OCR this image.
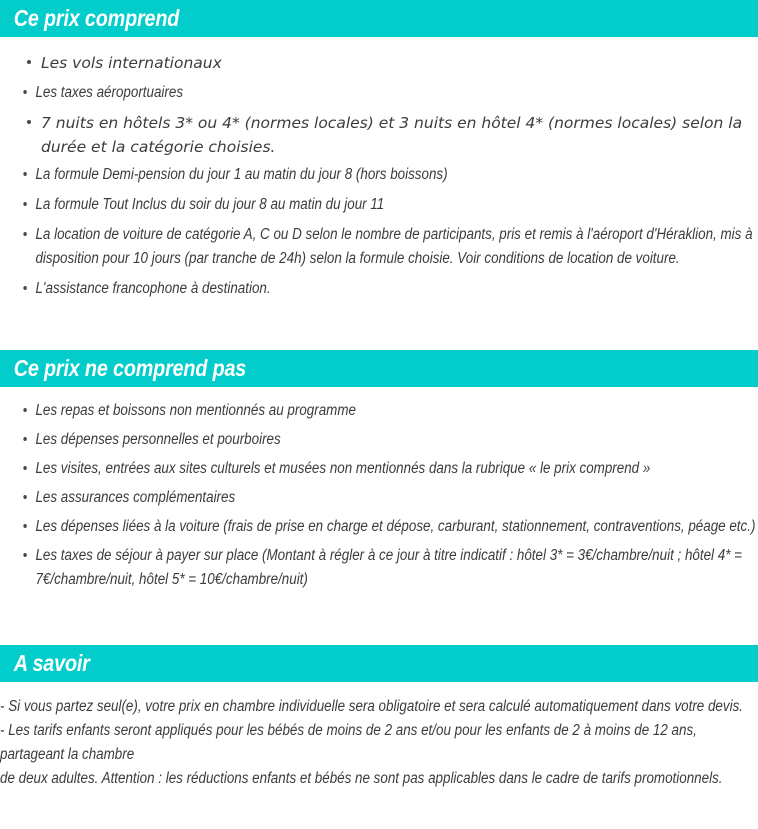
Ce prix comprend
Les vols internationaux
Les taxes aéroportuaires
7 nuits en hôtels 3* ou 4* (normes locales) et 3 nuits en hôtel 4* (normes locales) selon la durée et la catégorie choisies.
La formule Demi-pension du jour 1 au matin du jour 8 (hors boissons)
La formule Tout Inclus du soir du jour 8 au matin du jour 11
La location de voiture de catégorie A, C ou D selon le nombre de participants, pris et remis à l'aéroport d'Héraklion, mis à disposition pour 10 jours (par tranche de 24h) selon la formule choisie. Voir conditions de location de voiture.
L'assistance francophone à destination.
Ce prix ne comprend pas
Les repas et boissons non mentionnés au programme
Les dépenses personnelles et pourboires
Les visites, entrées aux sites culturels et musées non mentionnés dans la rubrique « le prix comprend »
Les assurances complémentaires
Les dépenses liées à la voiture (frais de prise en charge et dépose, carburant, stationnement, contraventions, péage etc.)
Les taxes de séjour à payer sur place (Montant à régler à ce jour à titre indicatif : hôtel 3* = 3€/chambre/nuit ; hôtel 4* = 7€/chambre/nuit, hôtel 5* = 10€/chambre/nuit)
A savoir

- Si vous partez seul(e), votre prix en chambre individuelle sera obligatoire et sera calculé automatiquement dans votre devis.

- Les tarifs enfants seront appliqués pour les bébés de moins de 2 ans et/ou pour les enfants de 2 à moins de 12 ans, partageant la chambre

de deux adultes. Attention : les réductions enfants et bébés ne sont pas applicables dans le cadre de tarifs promotionnels.
